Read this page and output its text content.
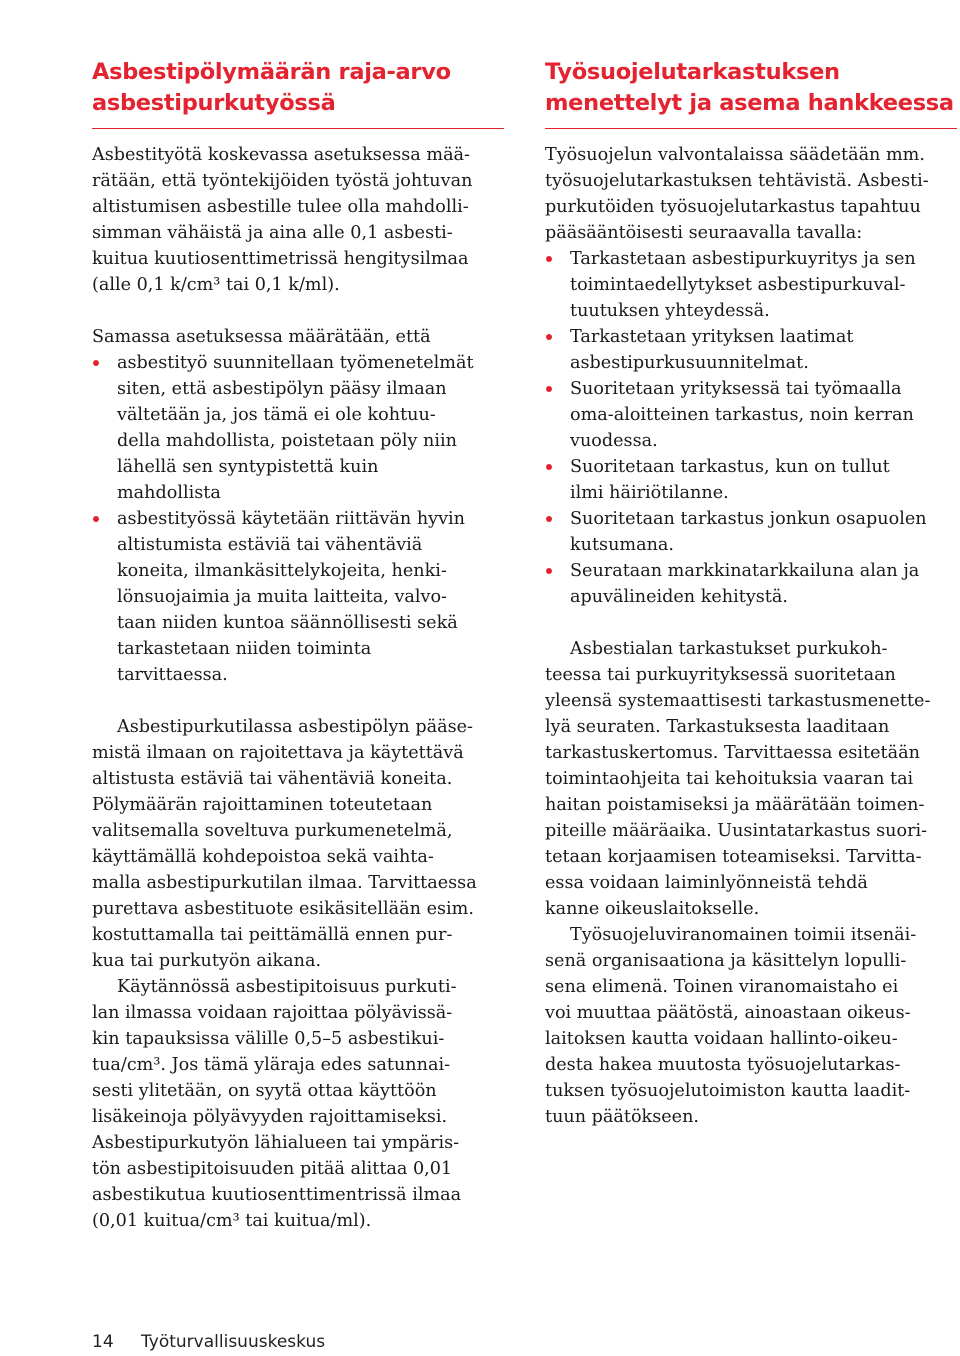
Asbestipölymäärän raja-arvo
asbestipurkutyössä
Asbestityötä koskevassa asetuksessa mää-
rätään, että työntekijöiden työstä johtuvan
altistumisen asbestille tulee olla mahdolli-
simman vähäistä ja aina alle 0,1 asbesti-
kuitua kuutiosenttimetrissä hengitysilmaa
(alle 0,1 k/cm³ tai 0,1 k/ml).
Samassa asetuksessa määrätään, että
asbestityö suunnitellaan työmenetelmät
siten, että asbestipölyn pääsy ilmaan
vältetään ja, jos tämä ei ole kohtuu-
della mahdollista, poistetaan pöly niin
lähellä sen syntypistettä kuin
mahdollista
asbestityössä käytetään riittävän hyvin
altistumista estäviä tai vähentäviä
koneita, ilmankäsittelykojeita, henki-
lönsuojaimia ja muita laitteita, valvo-
taan niiden kuntoa säännöllisesti sekä
tarkastetaan niiden toiminta
tarvittaessa.
Asbestipurkutilassa asbestipölyn pääse-
mistä ilmaan on rajoitettava ja käytettävä
altistusta estäviä tai vähentäviä koneita.
Pölymäärän rajoittaminen toteutetaan
valitsemalla soveltuva purkumenetelmä,
käyttämällä kohdepoistoa sekä vaihta-
malla asbestipurkutilan ilmaa. Tarvittaessa
purettava asbestituote esikäsitellään esim.
kostuttamalla tai peittämällä ennen pur-
kua tai purkutyön aikana.
Käytännössä asbestipitoisuus purkuti-
lan ilmassa voidaan rajoittaa pölyävissä-
kin tapauksissa välille 0,5–5 asbestikui-
tua/cm³. Jos tämä yläraja edes satunnai-
sesti ylitetään, on syytä ottaa käyttöön
lisäkeinoja pölyävyyden rajoittamiseksi.
Asbestipurkutyön lähialueen tai ympäris-
tön asbestipitoisuuden pitää alittaa 0,01
asbestikutua kuutiosenttimentrissä ilmaa
(0,01 kuitua/cm³ tai kuitua/ml).
Työsuojelutarkastuksen
menettelyt ja asema hankkeessa
Työsuojelun valvontalaissa säädetään mm.
työsuojelutarkastuksen tehtävistä. Asbesti-
purkutöiden työsuojelutarkastus tapahtuu
pääsääntöisesti seuraavalla tavalla:
Tarkastetaan asbestipurkuyritys ja sen
toimintaedellytykset asbestipurkuval-
tuutuksen yhteydessä.
Tarkastetaan yrityksen laatimat
asbestipurkusuunnitelmat.
Suoritetaan yrityksessä tai työmaalla
oma-aloitteinen tarkastus, noin kerran
vuodessa.
Suoritetaan tarkastus, kun on tullut
ilmi häiriötilanne.
Suoritetaan tarkastus jonkun osapuolen
kutsumana.
Seurataan markkinatarkkailuna alan ja
apuvälineiden kehitystä.
Asbestialan tarkastukset purkukoh-
teessa tai purkuyrityksessä suoritetaan
yleensä systemaattisesti tarkastusmenette-
lyä seuraten. Tarkastuksesta laaditaan
tarkastuskertomus. Tarvittaessa esitetään
toimintaohjeita tai kehoituksia vaaran tai
haitan poistamiseksi ja määrätään toimen-
piteille määräaika. Uusintatarkastus suori-
tetaan korjaamisen toteamiseksi. Tarvitta-
essa voidaan laiminlyönneistä tehdä
kanne oikeuslaitokselle.
Työsuojeluviranomainen toimii itsenäi-
senä organisaationa ja käsittelyn lopulli-
sena elimenä. Toinen viranomaistaho ei
voi muuttaa päätöstä, ainoastaan oikeus-
laitoksen kautta voidaan hallinto-oikeu-
desta hakea muutosta työsuojelutarkas-
tuksen työsuojelutoimiston kautta laadit-
tuun päätökseen.
14 Työturvallisuuskeskus
